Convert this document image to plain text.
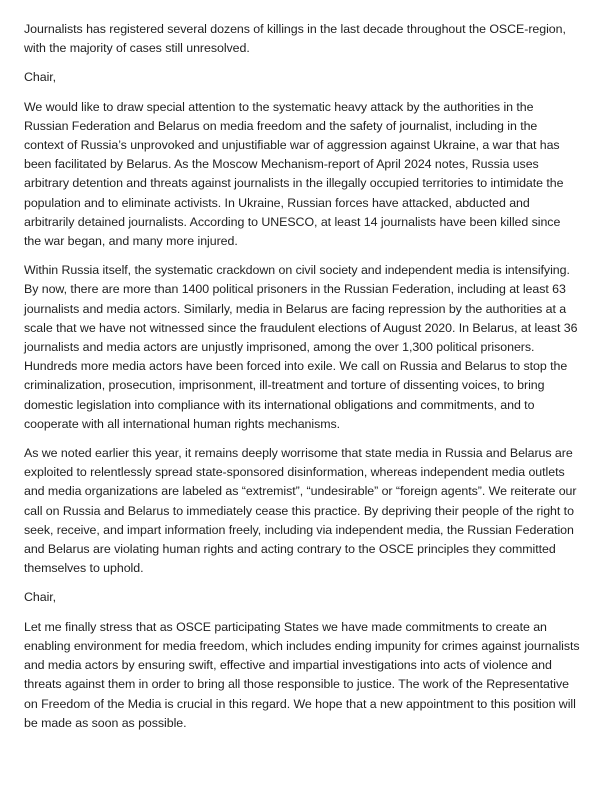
Journalists has registered several dozens of killings in the last decade throughout the OSCE-region, with the majority of cases still unresolved.

Chair,

We would like to draw special attention to the systematic heavy attack by the authorities in the Russian Federation and Belarus on media freedom and the safety of journalist, including in the context of Russia’s unprovoked and unjustifiable war of aggression against Ukraine, a war that has been facilitated by Belarus. As the Moscow Mechanism-report of April 2024 notes, Russia uses arbitrary detention and threats against journalists in the illegally occupied territories to intimidate the population and to eliminate activists. In Ukraine, Russian forces have attacked, abducted and arbitrarily detained journalists. According to UNESCO, at least 14 journalists have been killed since the war began, and many more injured.

Within Russia itself, the systematic crackdown on civil society and independent media is intensifying. By now, there are more than 1400 political prisoners in the Russian Federation, including at least 63 journalists and media actors. Similarly, media in Belarus are facing repression by the authorities at a scale that we have not witnessed since the fraudulent elections of August 2020. In Belarus, at least 36 journalists and media actors are unjustly imprisoned, among the over 1,300 political prisoners. Hundreds more media actors have been forced into exile. We call on Russia and Belarus to stop the criminalization, prosecution, imprisonment, ill-treatment and torture of dissenting voices, to bring domestic legislation into compliance with its international obligations and commitments, and to cooperate with all international human rights mechanisms.

As we noted earlier this year, it remains deeply worrisome that state media in Russia and Belarus are exploited to relentlessly spread state-sponsored disinformation, whereas independent media outlets and media organizations are labeled as “extremist”, “undesirable” or “foreign agents”. We reiterate our call on Russia and Belarus to immediately cease this practice. By depriving their people of the right to seek, receive, and impart information freely, including via independent media, the Russian Federation and Belarus are violating human rights and acting contrary to the OSCE principles they committed themselves to uphold.

Chair,

Let me finally stress that as OSCE participating States we have made commitments to create an enabling environment for media freedom, which includes ending impunity for crimes against journalists and media actors by ensuring swift, effective and impartial investigations into acts of violence and threats against them in order to bring all those responsible to justice. The work of the Representative on Freedom of the Media is crucial in this regard. We hope that a new appointment to this position will be made as soon as possible.
